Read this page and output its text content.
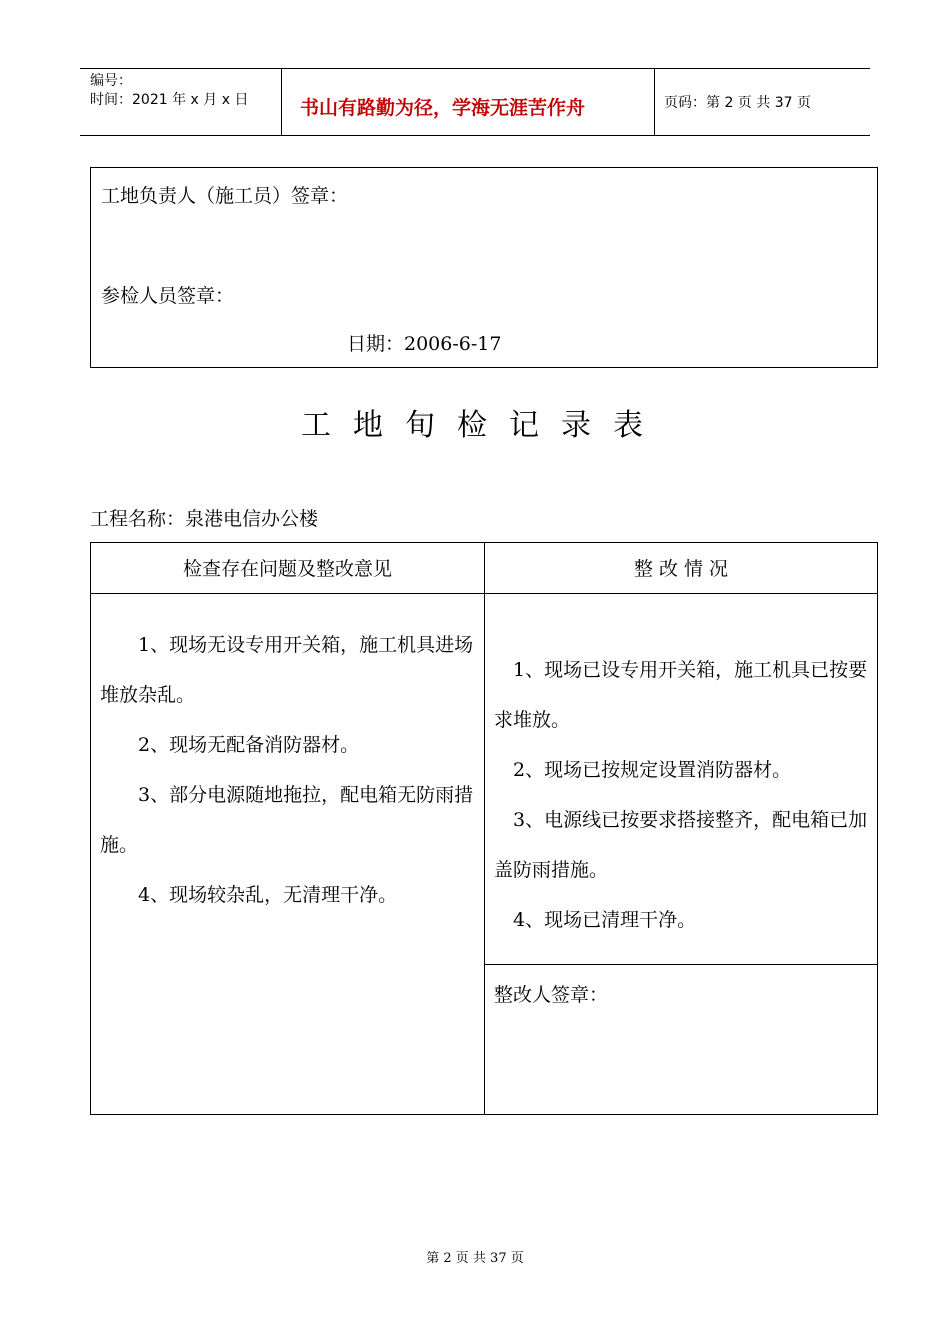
编号：
时间：2021 年 x 月 x 日	书山有路勤为径，学海无涯苦作舟	页码：第 2 页 共 37 页
工地负责人（施工员）签章：
参检人员签章：
日期：2006-6-17
工地旬检记录表
工程名称：泉港电信办公楼
检查存在问题及整改意见	整 改 情 况
1、现场无设专用开关箱，施工机具进场堆放杂乱。
2、现场无配备消防器材。
3、部分电源随地拖拉，配电箱无防雨措施。
4、现场较杂乱，无清理干净。
1、现场已设专用开关箱，施工机具已按要求堆放。
2、现场已按规定设置消防器材。
3、电源线已按要求搭接整齐，配电箱已加盖防雨措施。
4、现场已清理干净。
整改人签章：
第 2 页 共 37 页
